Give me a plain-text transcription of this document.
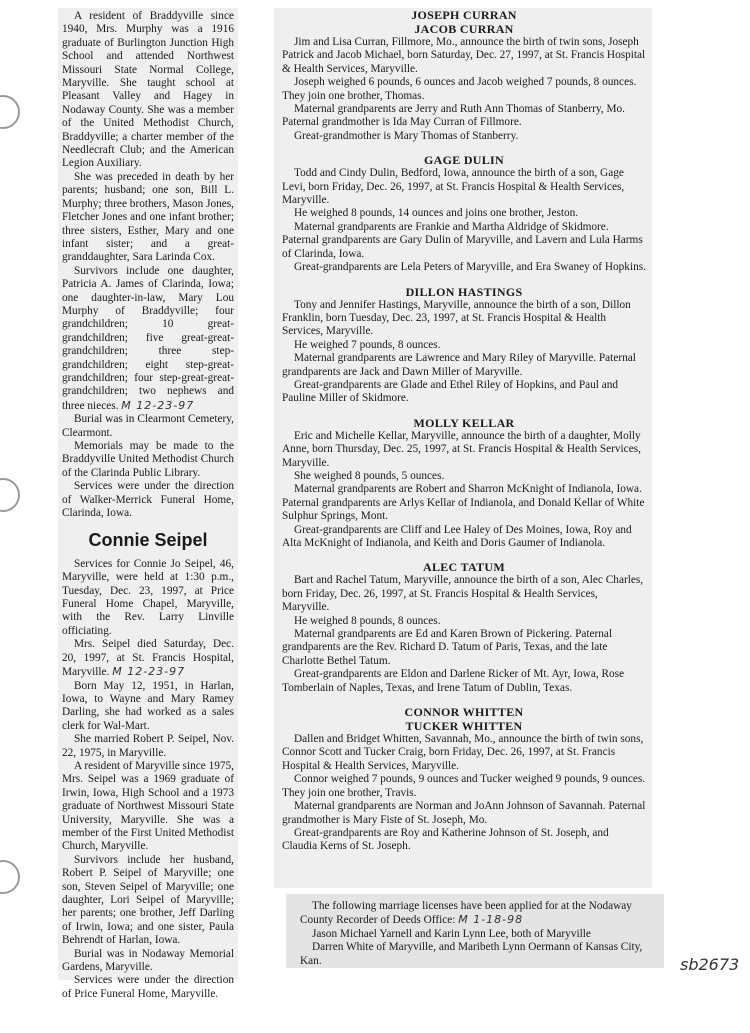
A resident of Braddyville since 1940, Mrs. Murphy was a 1916 graduate of Burlington Junction High School and attended Northwest Missouri State Normal College, Maryville. She taught school at Pleasant Valley and Hagey in Nodaway County. She was a member of the United Methodist Church, Braddyville; a charter member of the Needlecraft Club; and the American Legion Auxiliary.

She was preceded in death by her parents; husband; one son, Bill L. Murphy; three brothers, Mason Jones, Fletcher Jones and one infant brother; three sisters, Esther, Mary and one infant sister; and a great-granddaughter, Sara Larinda Cox.

Survivors include one daughter, Patricia A. James of Clarinda, Iowa; one daughter-in-law, Mary Lou Murphy of Braddyville; four grandchildren; 10 great-grandchildren; five great-great-grandchildren; three step-grandchildren; eight step-great-grandchildren; four step-great-great-grandchildren; two nephews and three nieces. M 12-23-97

Burial was in Clearmont Cemetery, Clearmont.

Memorials may be made to the Braddyville United Methodist Church of the Clarinda Public Library.

Services were under the direction of Walker-Merrick Funeral Home, Clarinda, Iowa.

Connie Seipel

Services for Connie Jo Seipel, 46, Maryville, were held at 1:30 p.m., Tuesday, Dec. 23, 1997, at Price Funeral Home Chapel, Maryville, with the Rev. Larry Linville officiating.

Mrs. Seipel died Saturday, Dec. 20, 1997, at St. Francis Hospital, Maryville. M 12-23-97

Born May 12, 1951, in Harlan, Iowa, to Wayne and Mary Ramey Darling, she had worked as a sales clerk for Wal-Mart.

She married Robert P. Seipel, Nov. 22, 1975, in Maryville.

A resident of Maryville since 1975, Mrs. Seipel was a 1969 graduate of Irwin, Iowa, High School and a 1973 graduate of Northwest Missouri State University, Maryville. She was a member of the First United Methodist Church, Maryville.

Survivors include her husband, Robert P. Seipel of Maryville; one son, Steven Seipel of Maryville; one daughter, Lori Seipel of Maryville; her parents; one brother, Jeff Darling of Irwin, Iowa; and one sister, Paula Behrendt of Harlan, Iowa.

Burial was in Nodaway Memorial Gardens, Maryville.

Services were under the direction of Price Funeral Home, Maryville.

JOSEPH CURRAN
JACOB CURRAN

Jim and Lisa Curran, Fillmore, Mo., announce the birth of twin sons, Joseph Patrick and Jacob Michael, born Saturday, Dec. 27, 1997, at St. Francis Hospital & Health Services, Maryville.

Joseph weighed 6 pounds, 6 ounces and Jacob weighed 7 pounds, 8 ounces. They join one brother, Thomas.

Maternal grandparents are Jerry and Ruth Ann Thomas of Stanberry, Mo. Paternal grandmother is Ida May Curran of Fillmore.

Great-grandmother is Mary Thomas of Stanberry.

GAGE DULIN

Todd and Cindy Dulin, Bedford, Iowa, announce the birth of a son, Gage Levi, born Friday, Dec. 26, 1997, at St. Francis Hospital & Health Services, Maryville.

He weighed 8 pounds, 14 ounces and joins one brother, Jeston.

Maternal grandparents are Frankie and Martha Aldridge of Skidmore. Paternal grandparents are Gary Dulin of Maryville, and Lavern and Lula Harms of Clarinda, Iowa.

Great-grandparents are Lela Peters of Maryville, and Era Swaney of Hopkins.

DILLON HASTINGS

Tony and Jennifer Hastings, Maryville, announce the birth of a son, Dillon Franklin, born Tuesday, Dec. 23, 1997, at St. Francis Hospital & Health Services, Maryville.

He weighed 7 pounds, 8 ounces.

Maternal grandparents are Lawrence and Mary Riley of Maryville. Paternal grandparents are Jack and Dawn Miller of Maryville.

Great-grandparents are Glade and Ethel Riley of Hopkins, and Paul and Pauline Miller of Skidmore.

MOLLY KELLAR

Eric and Michelle Kellar, Maryville, announce the birth of a daughter, Molly Anne, born Thursday, Dec. 25, 1997, at St. Francis Hospital & Health Services, Maryville.

She weighed 8 pounds, 5 ounces.

Maternal grandparents are Robert and Sharron McKnight of Indianola, Iowa. Paternal grandparents are Arlys Kellar of Indianola, and Donald Kellar of White Sulphur Springs, Mont.

Great-grandparents are Cliff and Lee Haley of Des Moines, Iowa, Roy and Alta McKnight of Indianola, and Keith and Doris Gaumer of Indianola.

ALEC TATUM

Bart and Rachel Tatum, Maryville, announce the birth of a son, Alec Charles, born Friday, Dec. 26, 1997, at St. Francis Hospital & Health Services, Maryville.

He weighed 8 pounds, 8 ounces.

Maternal grandparents are Ed and Karen Brown of Pickering. Paternal grandparents are the Rev. Richard D. Tatum of Paris, Texas, and the late Charlotte Bethel Tatum.

Great-grandparents are Eldon and Darlene Ricker of Mt. Ayr, Iowa, Rose Tomberlain of Naples, Texas, and Irene Tatum of Dublin, Texas.

CONNOR WHITTEN
TUCKER WHITTEN

Dallen and Bridget Whitten, Savannah, Mo., announce the birth of twin sons, Connor Scott and Tucker Craig, born Friday, Dec. 26, 1997, at St. Francis Hospital & Health Services, Maryville.

Connor weighed 7 pounds, 9 ounces and Tucker weighed 9 pounds, 9 ounces. They join one brother, Travis.

Maternal grandparents are Norman and JoAnn Johnson of Savannah. Paternal grandmother is Mary Fiste of St. Joseph, Mo.

Great-grandparents are Roy and Katherine Johnson of St. Joseph, and Claudia Kerns of St. Joseph.

The following marriage licenses have been applied for at the Nodaway County Recorder of Deeds Office: M 1-18-98

Jason Michael Yarnell and Karin Lynn Lee, both of Maryville

Darren White of Maryville, and Maribeth Lynn Oermann of Kansas City, Kan.	sb2673
